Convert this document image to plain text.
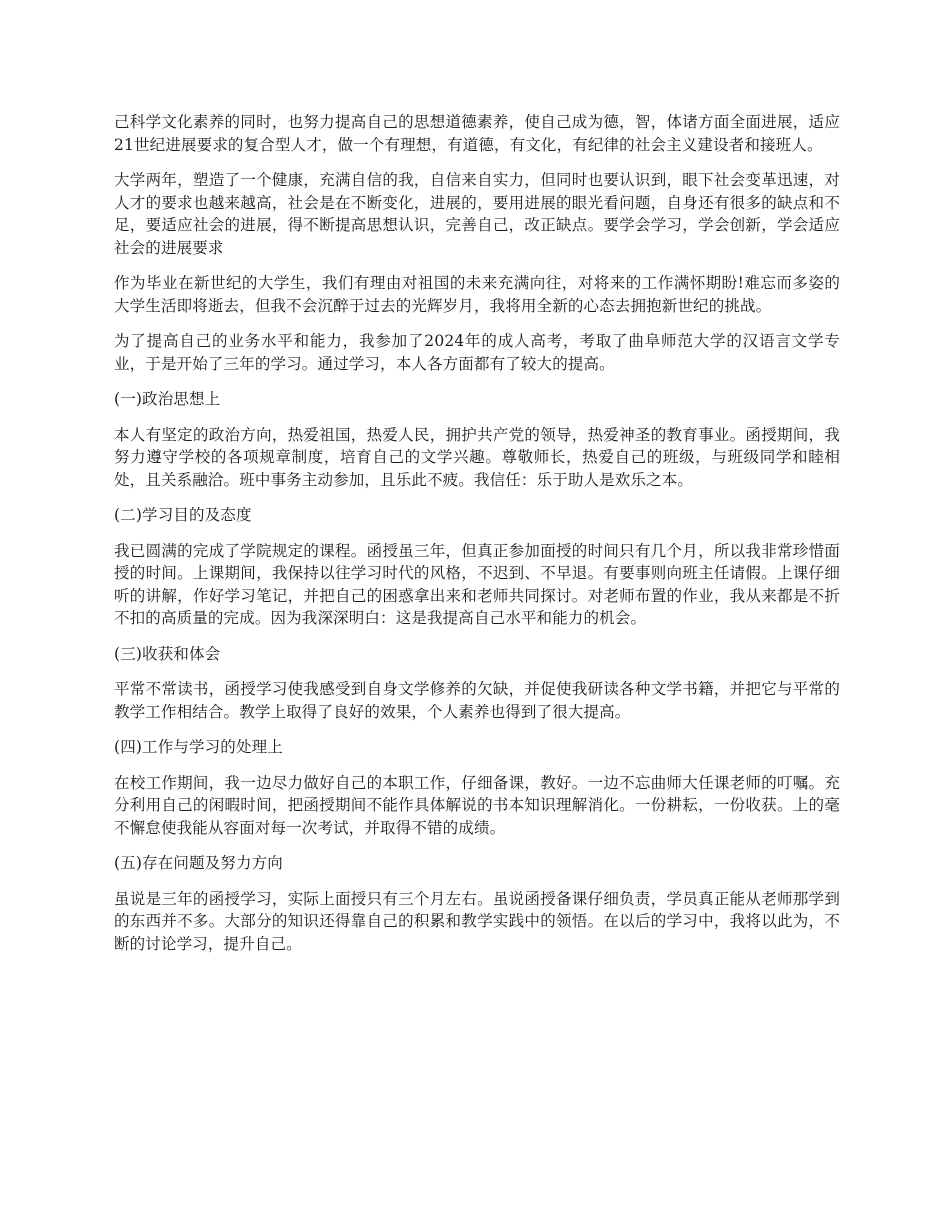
己科学文化素养的同时，也努力提高自己的思想道德素养，使自己成为德，智，体诸方面全面进展，适应21世纪进展要求的复合型人才，做一个有理想，有道德，有文化，有纪律的社会主义建设者和接班人。

大学两年，塑造了一个健康，充满自信的我，自信来自实力，但同时也要认识到，眼下社会变革迅速，对人才的要求也越来越高，社会是在不断变化，进展的，要用进展的眼光看问题，自身还有很多的缺点和不足，要适应社会的进展，得不断提高思想认识，完善自己，改正缺点。要学会学习，学会创新，学会适应社会的进展要求

作为毕业在新世纪的大学生，我们有理由对祖国的未来充满向往，对将来的工作满怀期盼!难忘而多姿的大学生活即将逝去，但我不会沉醉于过去的光辉岁月，我将用全新的心态去拥抱新世纪的挑战。

为了提高自己的业务水平和能力，我参加了2024年的成人高考，考取了曲阜师范大学的汉语言文学专业，于是开始了三年的学习。通过学习，本人各方面都有了较大的提高。

(一)政治思想上

本人有坚定的政治方向，热爱祖国，热爱人民，拥护共产党的领导，热爱神圣的教育事业。函授期间，我努力遵守学校的各项规章制度，培育自己的文学兴趣。尊敬师长，热爱自己的班级，与班级同学和睦相处，且关系融洽。班中事务主动参加，且乐此不疲。我信任：乐于助人是欢乐之本。

(二)学习目的及态度

我已圆满的完成了学院规定的课程。函授虽三年，但真正参加面授的时间只有几个月，所以我非常珍惜面授的时间。上课期间，我保持以往学习时代的风格，不迟到、不早退。有要事则向班主任请假。上课仔细听的讲解，作好学习笔记，并把自己的困惑拿出来和老师共同探讨。对老师布置的作业，我从来都是不折不扣的高质量的完成。因为我深深明白：这是我提高自己水平和能力的机会。

(三)收获和体会

平常不常读书，函授学习使我感受到自身文学修养的欠缺，并促使我研读各种文学书籍，并把它与平常的教学工作相结合。教学上取得了良好的效果，个人素养也得到了很大提高。

(四)工作与学习的处理上

在校工作期间，我一边尽力做好自己的本职工作，仔细备课，教好。一边不忘曲师大任课老师的叮嘱。充分利用自己的闲暇时间，把函授期间不能作具体解说的书本知识理解消化。一份耕耘，一份收获。上的毫不懈怠使我能从容面对每一次考试，并取得不错的成绩。

(五)存在问题及努力方向

虽说是三年的函授学习，实际上面授只有三个月左右。虽说函授备课仔细负责，学员真正能从老师那学到的东西并不多。大部分的知识还得靠自己的积累和教学实践中的领悟。在以后的学习中，我将以此为，不断的讨论学习，提升自己。
